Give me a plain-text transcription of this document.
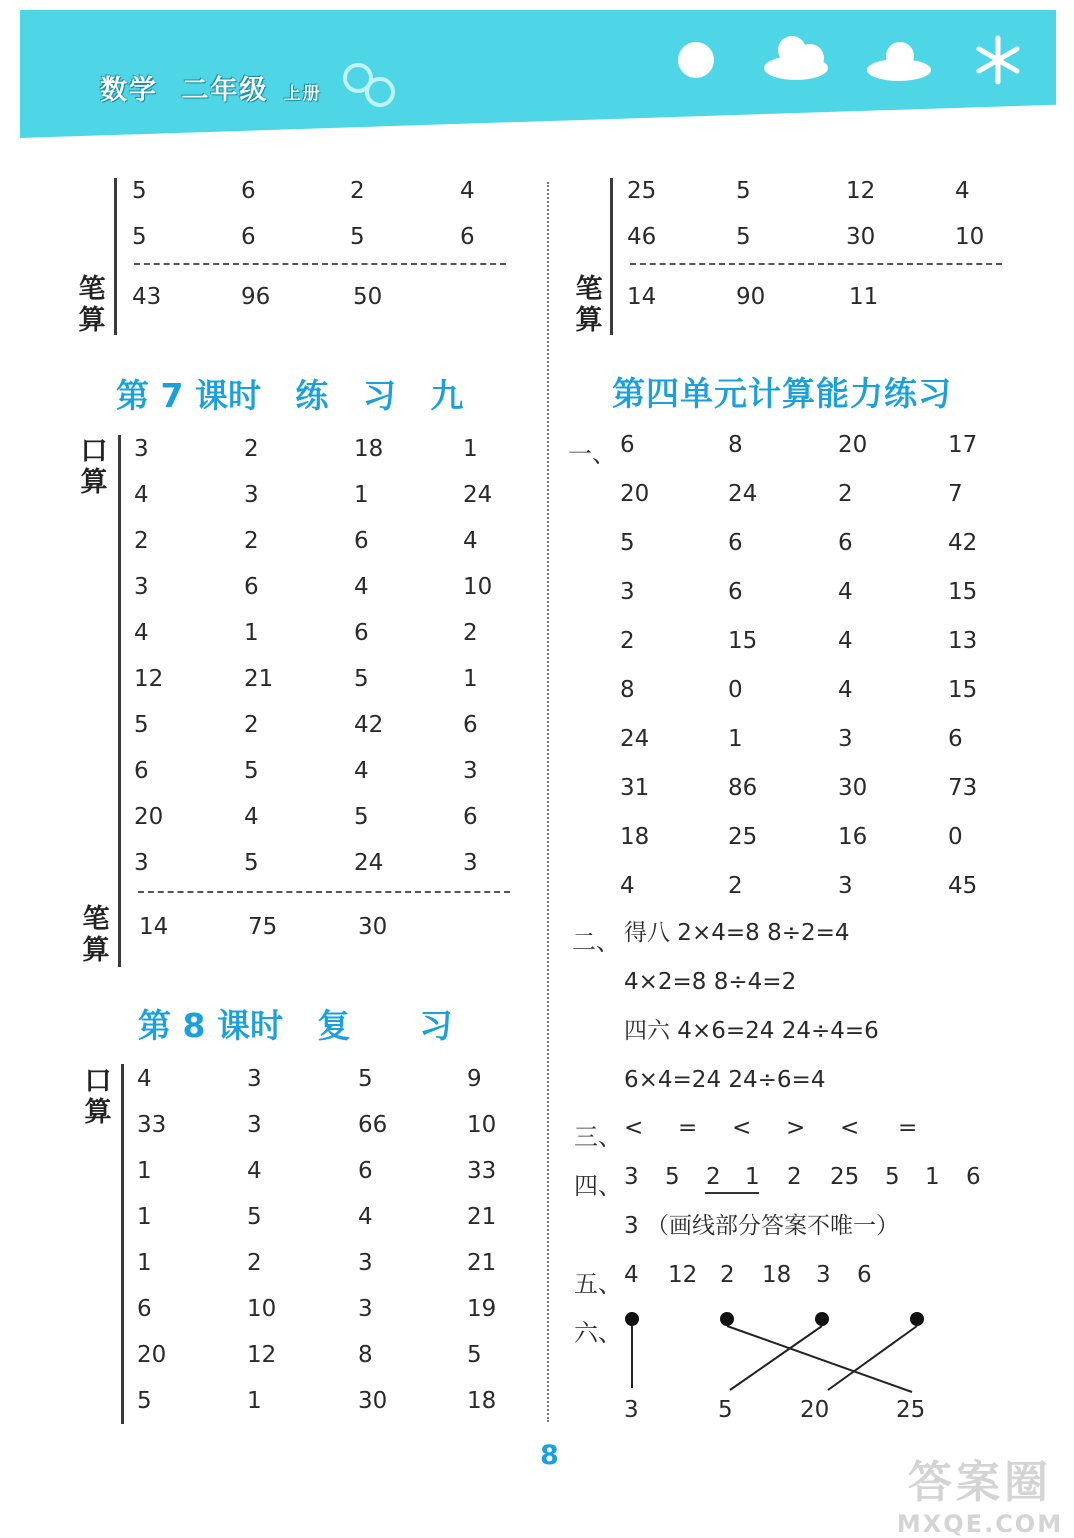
数学 二年级 上册
笔算
5	6	2	4
5	6	5	6
43	96	50
第 7 课时   练   习   九
口算
笔算
3	2	18	1
4	3	1	24
2	2	6	4
3	6	4	10
4	1	6	2
12	21	5	1
5	2	42	6
6	5	4	3
20	4	5	6
3	5	24	3
14	75	30
第 8 课时   复      习
口算
4	3	5	9
33	3	66	10
1	4	6	33
1	5	4	21
1	2	3	21
6	10	3	19
20	12	8	5
5	1	30	18
笔算
25	5	12	4
46	5	30	10
14	90	11
第四单元计算能力练习
一、 6	8	20	17
20	24	2	7
5	6	6	42
3	6	4	15
2	15	4	13
8	0	4	15
24	1	3	6
31	86	30	73
18	25	16	0
4	2	3	45
二、 得八 2×4=8 8÷2=4
4×2=8 8÷4=2
四六 4×6=24 24÷4=6
6×4=24 24÷6=4
三、 < = < > < =
四、 3 5 2 1 2 25 5 1 6
3 （画线部分答案不唯一）
五、 4 12 2 18 3 6
六、
3	5	20	25
8
答案圈
MXQE.COM
